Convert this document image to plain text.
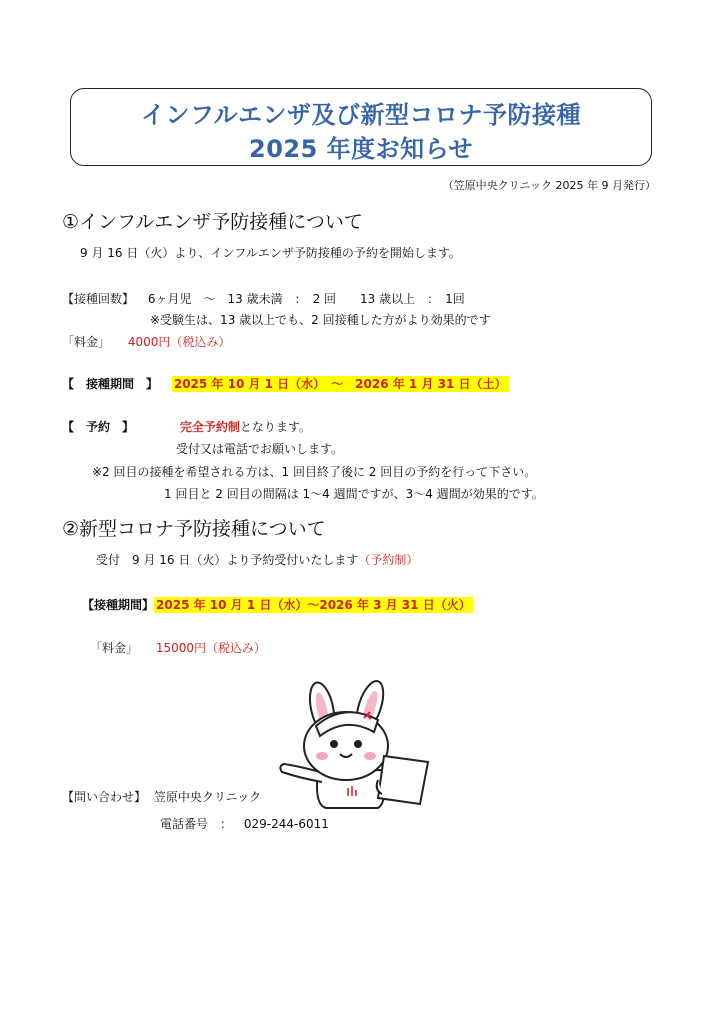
インフルエンザ及び新型コロナ予防接種
2025 年度お知らせ
（笠原中央クリニック 2025 年 9 月発行）
①インフルエンザ予防接種について
9 月 16 日（火）より、インフルエンザ予防接種の予約を開始します。
【接種回数】 6ヶ月児　～　13 歳未満　：　2 回　　13 歳以上　：　1回
※受験生は、13 歳以上でも、2 回接種した方がより効果的です
「料金」 4000円（税込み）
【　接種期間　】 2025 年 10 月 1 日（水）　～　2026 年 1 月 31 日（土）
【　予約　】	完全予約制となります。
受付又は電話でお願いします。
※2 回目の接種を希望される方は、1 回目終了後に 2 回目の予約を行って下さい。
1 回目と 2 回目の間隔は 1～4 週間ですが、3～4 週間が効果的です。
②新型コロナ予防接種について
受付　9 月 16 日（火）より予約受付いたします（予約制）
【接種期間】 2025 年 10 月 1 日（水）～2026 年 3 月 31 日（火）
「料金」 15000円（税込み）
【問い合わせ】 笠原中央クリニック
電話番号　： 029-244-6011
